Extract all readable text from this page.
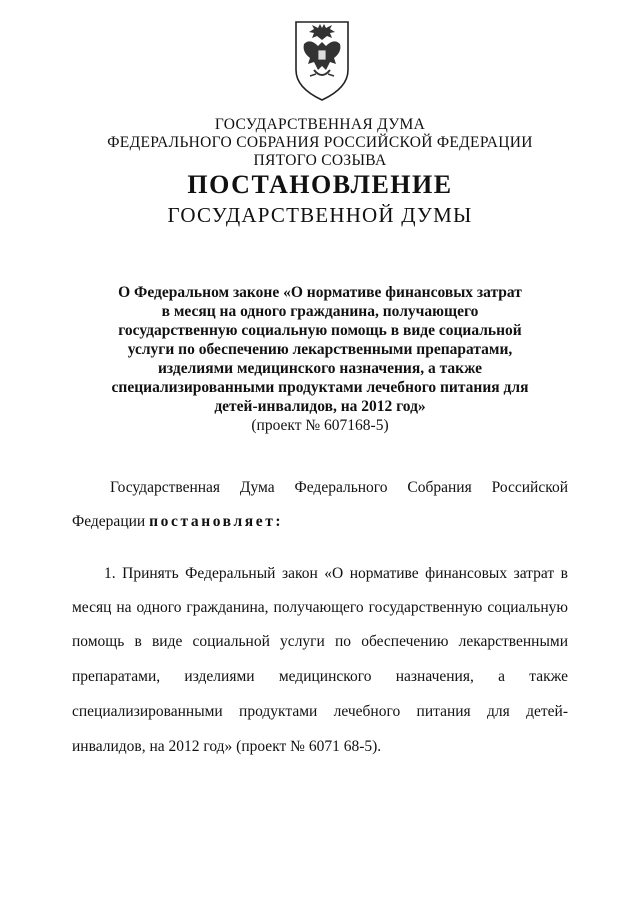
ГОСУДАРСТВЕННАЯ ДУМА
ФЕДЕРАЛЬНОГО СОБРАНИЯ РОССИЙСКОЙ ФЕДЕРАЦИИ
ПЯТОГО СОЗЫВА
ПОСТАНОВЛЕНИЕ
ГОСУДАРСТВЕННОЙ ДУМЫ
О Федеральном законе «О нормативе финансовых затрат
в месяц на одного гражданина, получающего
государственную социальную помощь в виде социальной
услуги по обеспечению лекарственными препаратами,
изделиями медицинского назначения, а также
специализированными продуктами лечебного питания для
детей-инвалидов, на 2012 год»
(проект № 607168-5)
Государственная Дума Федерального Собрания Российской
Федерации постановляет:
1. Принять Федеральный закон «О нормативе финансовых затрат в
месяц на одного гражданина, получающего государственную социальную
помощь в виде социальной услуги по обеспечению лекарственными
препаратами, изделиями медицинского назначения, а также
специализированными продуктами лечебного питания для детей-
инвалидов, на 2012 год» (проект № 6071 68-5).
